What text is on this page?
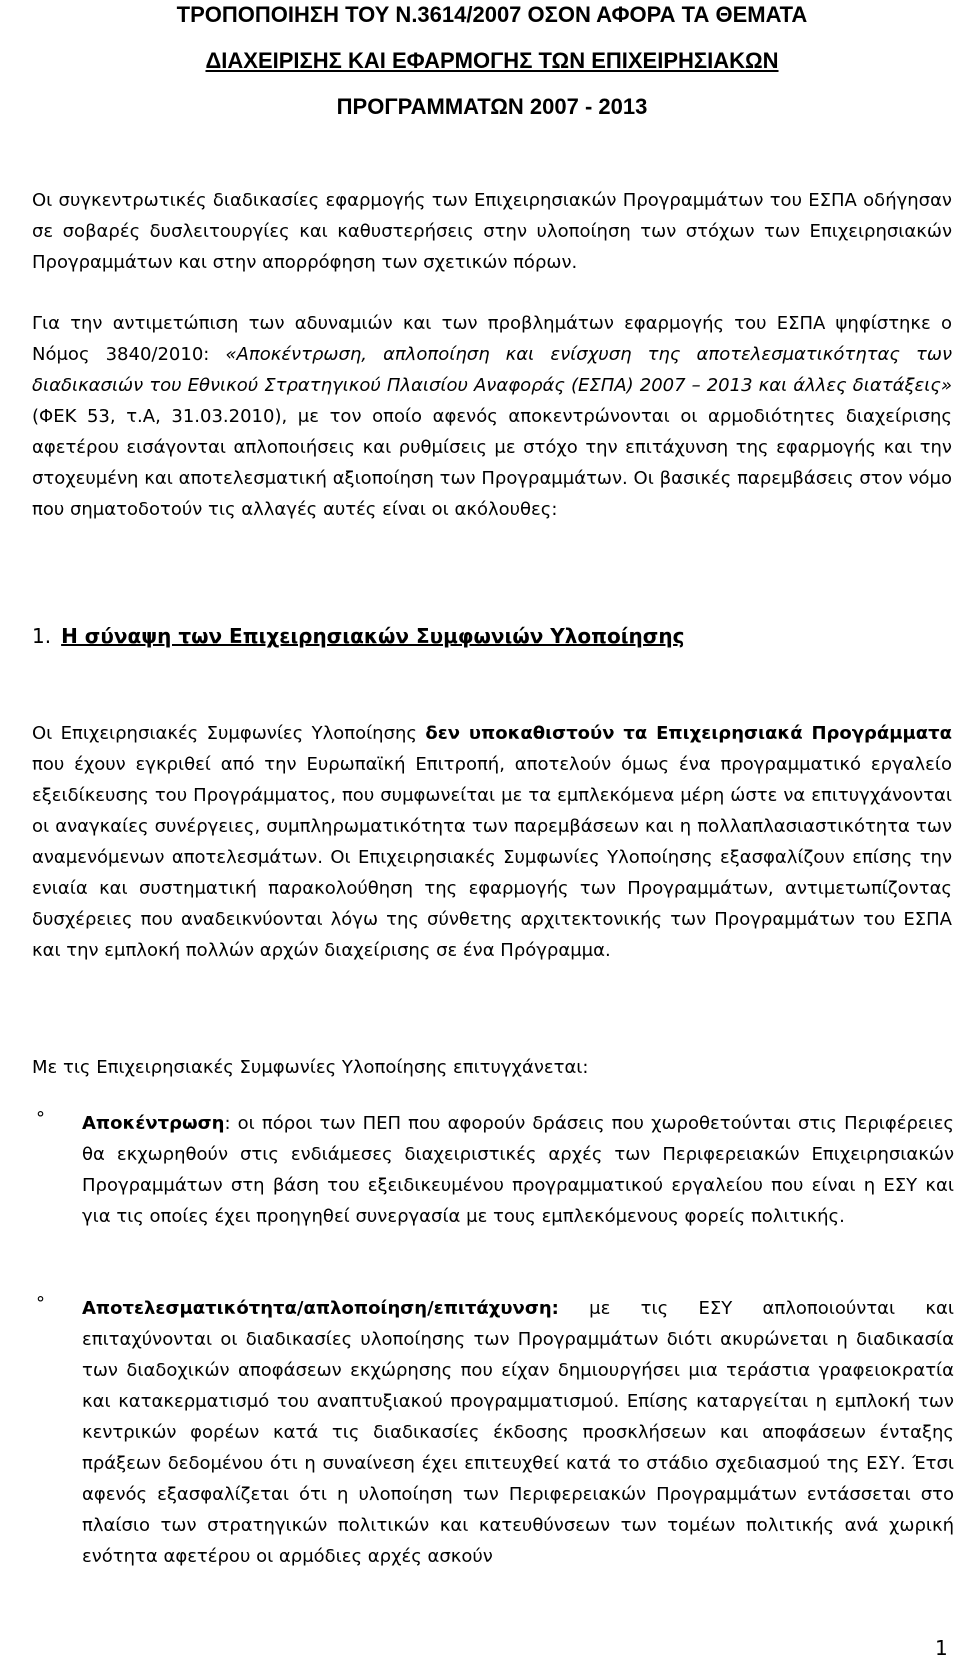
ΤΡΟΠΟΠΟΙΗΣΗ ΤΟΥ Ν.3614/2007 ΟΣΟΝ ΑΦΟΡΑ ΤΑ ΘΕΜΑΤΑ
ΔΙΑΧΕΙΡΙΣΗΣ ΚΑΙ ΕΦΑΡΜΟΓΗΣ ΤΩΝ ΕΠΙΧΕΙΡΗΣΙΑΚΩΝ
ΠΡΟΓΡΑΜΜΑΤΩΝ 2007 - 2013

Οι συγκεντρωτικές διαδικασίες εφαρμογής των Επιχειρησιακών Προγραμμάτων του ΕΣΠΑ οδήγησαν σε σοβαρές δυσλειτουργίες και καθυστερήσεις στην υλοποίηση των στόχων των Επιχειρησιακών Προγραμμάτων και στην απορρόφηση των σχετικών πόρων.

Για την αντιμετώπιση των αδυναμιών και των προβλημάτων εφαρμογής του ΕΣΠΑ ψηφίστηκε ο Νόμος 3840/2010: «Αποκέντρωση, απλοποίηση και ενίσχυση της αποτελεσματικότητας των διαδικασιών του Εθνικού Στρατηγικού Πλαισίου Αναφοράς (ΕΣΠΑ) 2007 – 2013 και άλλες διατάξεις» (ΦΕΚ 53, τ.Α, 31.03.2010), με τον οποίο αφενός αποκεντρώνονται οι αρμοδιότητες διαχείρισης αφετέρου εισάγονται απλοποιήσεις και ρυθμίσεις με στόχο την επιτάχυνση της εφαρμογής και την στοχευμένη και αποτελεσματική αξιοποίηση των Προγραμμάτων. Οι βασικές παρεμβάσεις στον νόμο που σηματοδοτούν τις αλλαγές αυτές είναι οι ακόλουθες:

1. Η σύναψη των Επιχειρησιακών Συμφωνιών Υλοποίησης

Οι Επιχειρησιακές Συμφωνίες Υλοποίησης δεν υποκαθιστούν τα Επιχειρησιακά Προγράμματα που έχουν εγκριθεί από την Ευρωπαϊκή Επιτροπή, αποτελούν όμως ένα προγραμματικό εργαλείο εξειδίκευσης του Προγράμματος, που συμφωνείται με τα εμπλεκόμενα μέρη ώστε να επιτυγχάνονται οι αναγκαίες συνέργειες, συμπληρωματικότητα των παρεμβάσεων και η πολλαπλασιαστικότητα των αναμενόμενων αποτελεσμάτων. Οι Επιχειρησιακές Συμφωνίες Υλοποίησης εξασφαλίζουν επίσης την ενιαία και συστηματική παρακολούθηση της εφαρμογής των Προγραμμάτων, αντιμετωπίζοντας δυσχέρειες που αναδεικνύονται λόγω της σύνθετης αρχιτεκτονικής των Προγραμμάτων του ΕΣΠΑ και την εμπλοκή πολλών αρχών διαχείρισης σε ένα Πρόγραμμα.

Με τις Επιχειρησιακές Συμφωνίες Υλοποίησης επιτυγχάνεται:

° Αποκέντρωση: οι πόροι των ΠΕΠ που αφορούν δράσεις που χωροθετούνται στις Περιφέρειες θα εκχωρηθούν στις ενδιάμεσες διαχειριστικές αρχές των Περιφερειακών Επιχειρησιακών Προγραμμάτων στη βάση του εξειδικευμένου προγραμματικού εργαλείου που είναι η ΕΣΥ και για τις οποίες έχει προηγηθεί συνεργασία με τους εμπλεκόμενους φορείς πολιτικής.

° Αποτελεσματικότητα/απλοποίηση/επιτάχυνση: με τις ΕΣΥ απλοποιούνται και επιταχύνονται οι διαδικασίες υλοποίησης των Προγραμμάτων διότι ακυρώνεται η διαδικασία των διαδοχικών αποφάσεων εκχώρησης που είχαν δημιουργήσει μια τεράστια γραφειοκρατία και κατακερματισμό του αναπτυξιακού προγραμματισμού. Επίσης καταργείται η εμπλοκή των κεντρικών φορέων κατά τις διαδικασίες έκδοσης προσκλήσεων και αποφάσεων ένταξης πράξεων δεδομένου ότι η συναίνεση έχει επιτευχθεί κατά το στάδιο σχεδιασμού της ΕΣΥ. Έτσι αφενός εξασφαλίζεται ότι η υλοποίηση των Περιφερειακών Προγραμμάτων εντάσσεται στο πλαίσιο των στρατηγικών πολιτικών και κατευθύνσεων των τομέων πολιτικής ανά χωρική ενότητα αφετέρου οι αρμόδιες αρχές ασκούν

1
